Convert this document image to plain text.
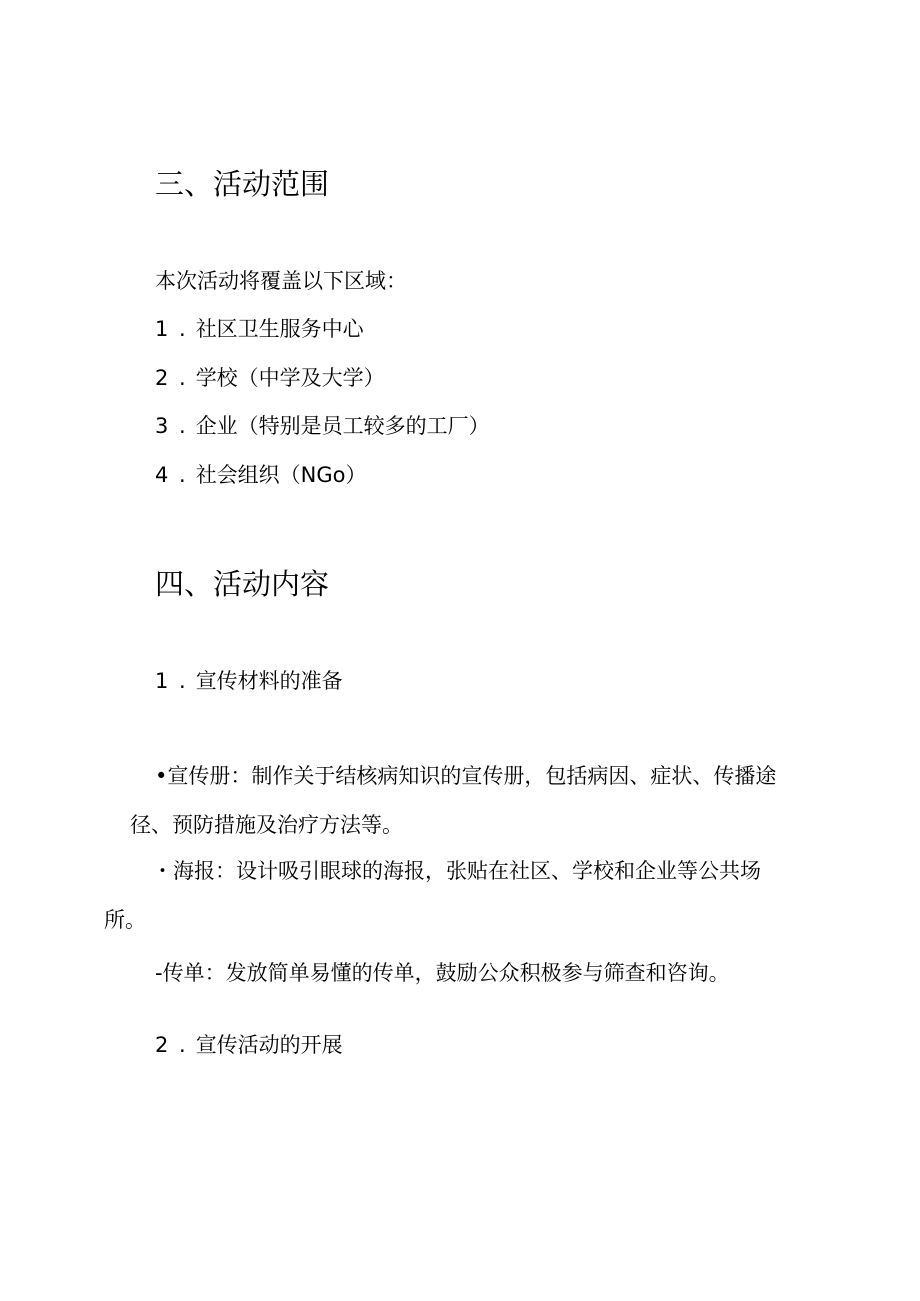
三、活动范围
本次活动将覆盖以下区域：
1 . 社区卫生服务中心
2 . 学校（中学及大学）
3 . 企业（特别是员工较多的工厂）
4 . 社会组织（NGo）
四、活动内容
1 . 宣传材料的准备
•宣传册：制作关于结核病知识的宣传册，包括病因、症状、传播途
径、预防措施及治疗方法等。
・海报：设计吸引眼球的海报，张贴在社区、学校和企业等公共场
所。
-传单：发放简单易懂的传单，鼓励公众积极参与筛查和咨询。
2 . 宣传活动的开展
